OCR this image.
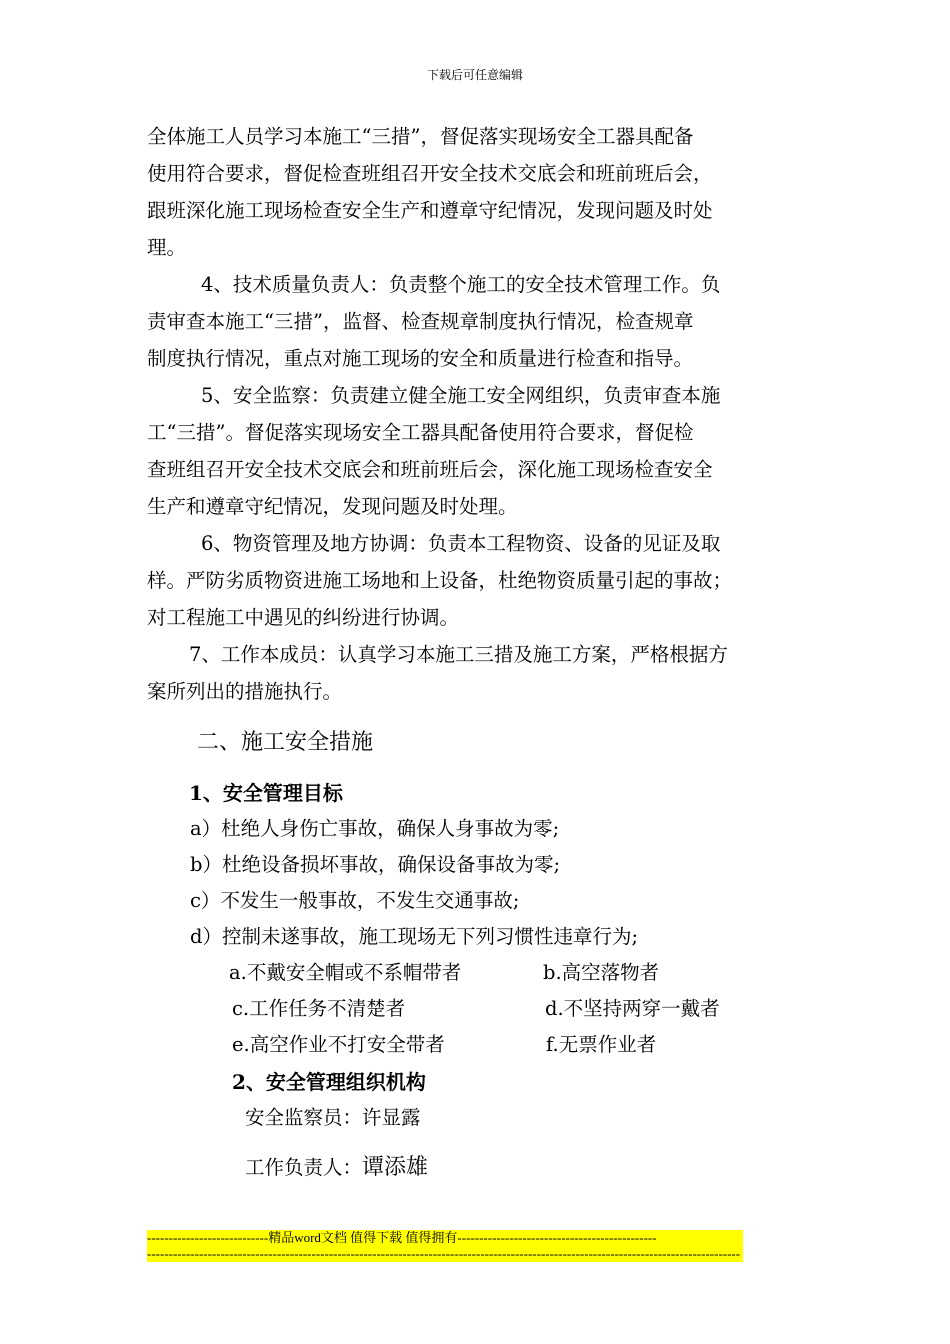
下载后可任意编辑
全体施工人员学习本施工“三措”，督促落实现场安全工器具配备
使用符合要求，督促检查班组召开安全技术交底会和班前班后会，
跟班深化施工现场检查安全生产和遵章守纪情况，发现问题及时处
理。
4、技术质量负责人：负责整个施工的安全技术管理工作。负
责审查本施工“三措”，监督、检查规章制度执行情况，检查规章
制度执行情况，重点对施工现场的安全和质量进行检查和指导。
5、安全监察：负责建立健全施工安全网组织，负责审查本施
工“三措”。督促落实现场安全工器具配备使用符合要求，督促检
查班组召开安全技术交底会和班前班后会，深化施工现场检查安全
生产和遵章守纪情况，发现问题及时处理。
6、物资管理及地方协调：负责本工程物资、设备的见证及取
样。严防劣质物资进施工场地和上设备，杜绝物资质量引起的事故；
对工程施工中遇见的纠纷进行协调。
7、工作本成员：认真学习本施工三措及施工方案，严格根据方
案所列出的措施执行。
二、施工安全措施
1、安全管理目标
a）杜绝人身伤亡事故，确保人身事故为零;
b）杜绝设备损坏事故，确保设备事故为零;
c）不发生一般事故，不发生交通事故;
d）控制未遂事故，施工现场无下列习惯性违章行为;
a.不戴安全帽或不系帽带者	b.高空落物者
c.工作任务不清楚者	d.不坚持两穿一戴者
e.高空作业不打安全带者	f.无票作业者
2、安全管理组织机构
安全监察员：许显露
工作负责人：谭添雄
----------------------------精品word文档 值得下载 值得拥有----------------------------------------------
-----------------------------------------------------------------------------------------------------------------------------------------
